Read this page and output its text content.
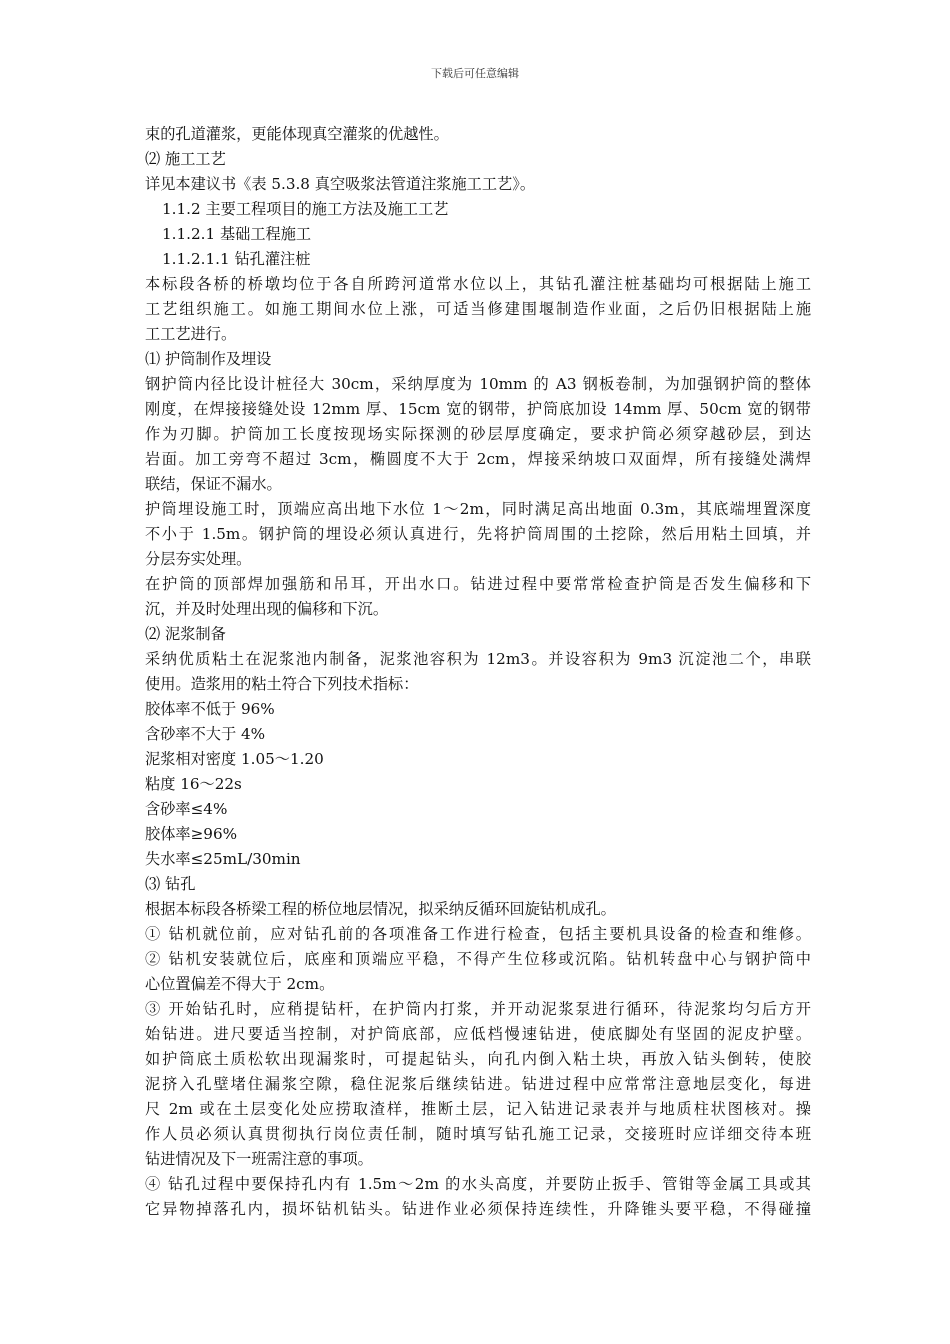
下载后可任意编辑
束的孔道灌浆，更能体现真空灌浆的优越性。
⑵ 施工工艺
详见本建议书《表 5.3.8 真空吸浆法管道注浆施工工艺》。
1.1.2 主要工程项目的施工方法及施工工艺
1.1.2.1 基础工程施工
1.1.2.1.1 钻孔灌注桩
本标段各桥的桥墩均位于各自所跨河道常水位以上，其钻孔灌注桩基础均可根据陆上施工
工艺组织施工。如施工期间水位上涨，可适当修建围堰制造作业面，之后仍旧根据陆上施
工工艺进行。
⑴ 护筒制作及埋设
钢护筒内径比设计桩径大 30cm，采纳厚度为 10mm 的 A3 钢板卷制，为加强钢护筒的整体
刚度，在焊接接缝处设 12mm 厚、15cm 宽的钢带，护筒底加设 14mm 厚、50cm 宽的钢带
作为刃脚。护筒加工长度按现场实际探测的砂层厚度确定，要求护筒必须穿越砂层，到达
岩面。加工旁弯不超过 3cm，椭圆度不大于 2cm，焊接采纳坡口双面焊，所有接缝处满焊
联结，保证不漏水。
护筒埋设施工时，顶端应高出地下水位 1～2m，同时满足高出地面 0.3m，其底端埋置深度
不小于 1.5m。钢护筒的埋设必须认真进行，先将护筒周围的土挖除，然后用粘土回填，并
分层夯实处理。
在护筒的顶部焊加强筋和吊耳，开出水口。钻进过程中要常常检查护筒是否发生偏移和下
沉，并及时处理出现的偏移和下沉。
⑵ 泥浆制备
采纳优质粘土在泥浆池内制备，泥浆池容积为 12m3。并设容积为 9m3 沉淀池二个，串联
使用。造浆用的粘土符合下列技术指标：
胶体率不低于 96%
含砂率不大于 4%
泥浆相对密度 1.05～1.20
粘度 16～22s
含砂率≤4%
胶体率≥96%
失水率≤25mL/30min
⑶ 钻孔
根据本标段各桥梁工程的桥位地层情况，拟采纳反循环回旋钻机成孔。
① 钻机就位前，应对钻孔前的各项准备工作进行检查，包括主要机具设备的检查和维修。
② 钻机安装就位后，底座和顶端应平稳，不得产生位移或沉陷。钻机转盘中心与钢护筒中
心位置偏差不得大于 2cm。
③ 开始钻孔时，应稍提钻杆，在护筒内打浆，并开动泥浆泵进行循环，待泥浆均匀后方开
始钻进。进尺要适当控制，对护筒底部，应低档慢速钻进，使底脚处有坚固的泥皮护壁。
如护筒底土质松软出现漏浆时，可提起钻头，向孔内倒入粘土块，再放入钻头倒转，使胶
泥挤入孔壁堵住漏浆空隙，稳住泥浆后继续钻进。钻进过程中应常常注意地层变化，每进
尺 2m 或在土层变化处应捞取渣样，推断土层，记入钻进记录表并与地质柱状图核对。操
作人员必须认真贯彻执行岗位责任制，随时填写钻孔施工记录，交接班时应详细交待本班
钻进情况及下一班需注意的事项。
④ 钻孔过程中要保持孔内有 1.5m～2m 的水头高度，并要防止扳手、管钳等金属工具或其
它异物掉落孔内，损坏钻机钻头。钻进作业必须保持连续性，升降锥头要平稳，不得碰撞
